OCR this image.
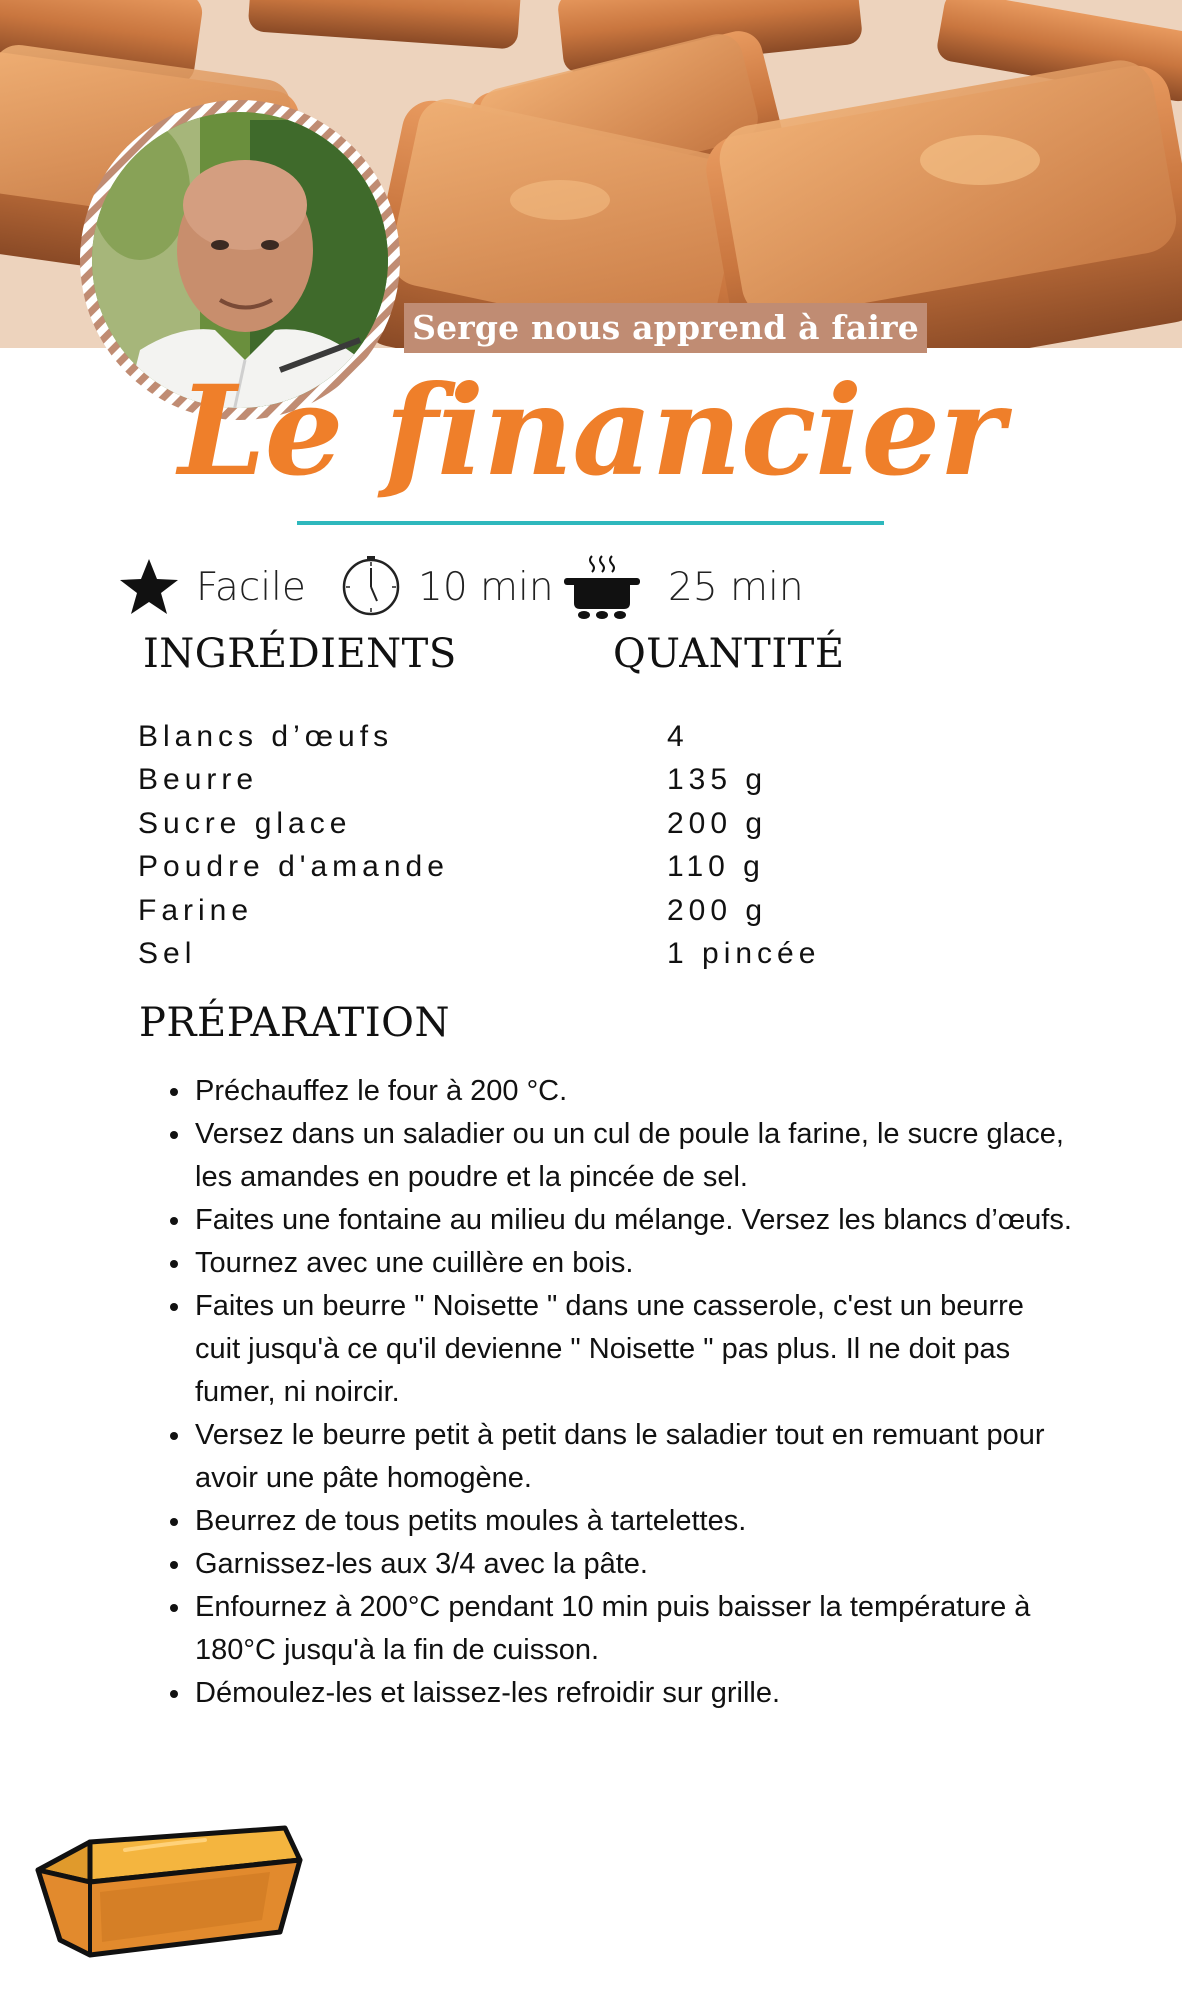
Serge nous apprend à faire
Le financier
Facile	10 min	25 min
INGRÉDIENTS	QUANTITÉ
Blancs d’œufs	4
Beurre	135 g
Sucre glace	200 g
Poudre d'amande	110 g
Farine	200 g
Sel	1 pincée
PRÉPARATION
• Préchauffez le four à 200 °C.
• Versez dans un saladier ou un cul de poule la farine, le sucre glace, les amandes en poudre et la pincée de sel.
• Faites une fontaine au milieu du mélange. Versez les blancs d’œufs.
• Tournez avec une cuillère en bois.
• Faites un beurre " Noisette " dans une casserole, c'est un beurre cuit jusqu'à ce qu'il devienne " Noisette " pas plus. Il ne doit pas fumer, ni noircir.
• Versez le beurre petit à petit dans le saladier tout en remuant pour avoir une pâte homogène.
• Beurrez de tous petits moules à tartelettes.
• Garnissez-les aux 3/4 avec la pâte.
• Enfournez à 200°C pendant 10 min puis baisser la température à 180°C jusqu'à la fin de cuisson.
• Démoulez-les et laissez-les refroidir sur grille.
